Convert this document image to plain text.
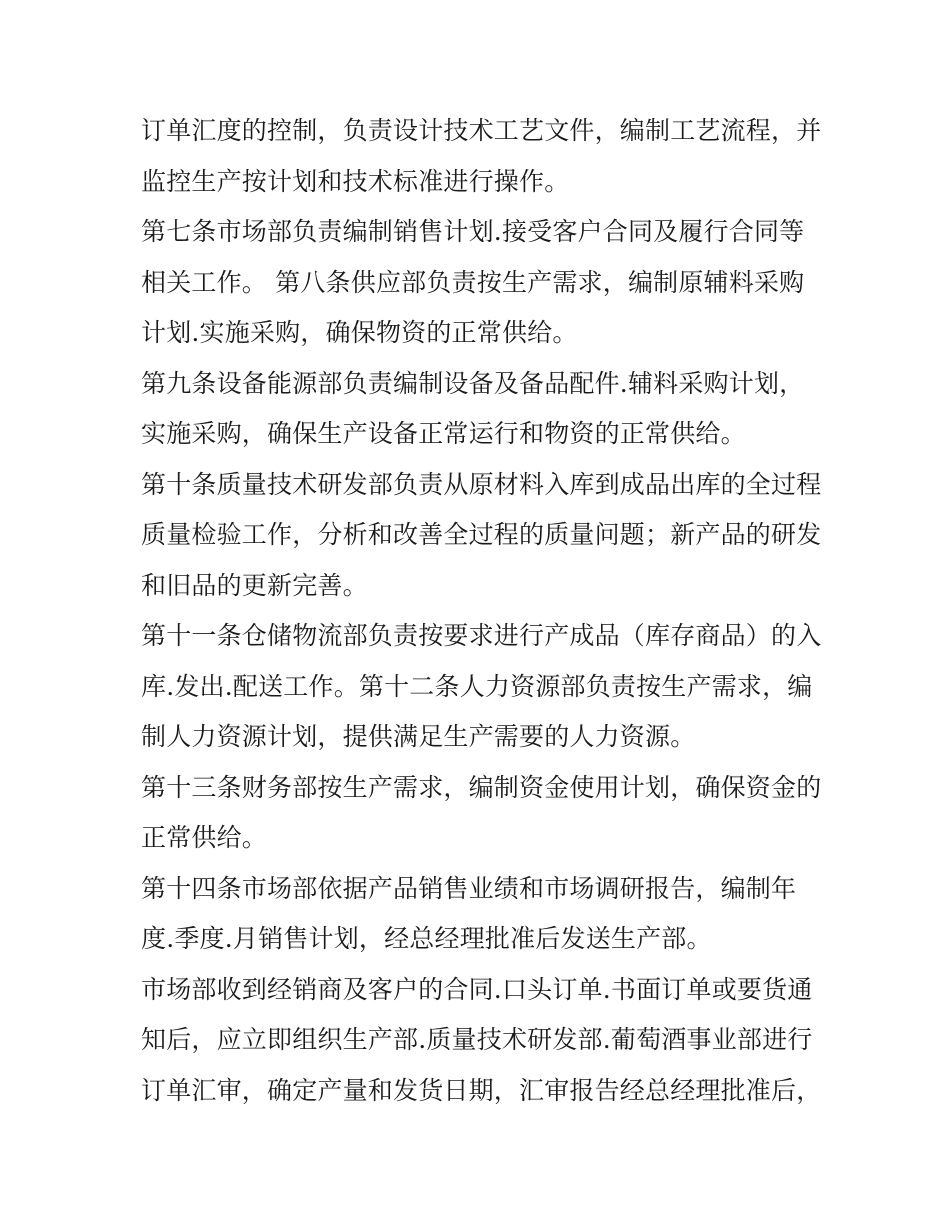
订单汇度的控制，负责设计技术工艺文件，编制工艺流程，并
监控生产按计划和技术标准进行操作。
第七条市场部负责编制销售计划.接受客户合同及履行合同等
相关工作。 第八条供应部负责按生产需求，编制原辅料采购
计划.实施采购，确保物资的正常供给。
第九条设备能源部负责编制设备及备品配件.辅料采购计划，
实施采购，确保生产设备正常运行和物资的正常供给。
第十条质量技术研发部负责从原材料入库到成品出库的全过程
质量检验工作，分析和改善全过程的质量问题；新产品的研发
和旧品的更新完善。
第十一条仓储物流部负责按要求进行产成品（库存商品）的入
库.发出.配送工作。第十二条人力资源部负责按生产需求，编
制人力资源计划，提供满足生产需要的人力资源。
第十三条财务部按生产需求，编制资金使用计划，确保资金的
正常供给。
第十四条市场部依据产品销售业绩和市场调研报告，编制年
度.季度.月销售计划，经总经理批准后发送生产部。
市场部收到经销商及客户的合同.口头订单.书面订单或要货通
知后，应立即组织生产部.质量技术研发部.葡萄酒事业部进行
订单汇审，确定产量和发货日期，汇审报告经总经理批准后，
